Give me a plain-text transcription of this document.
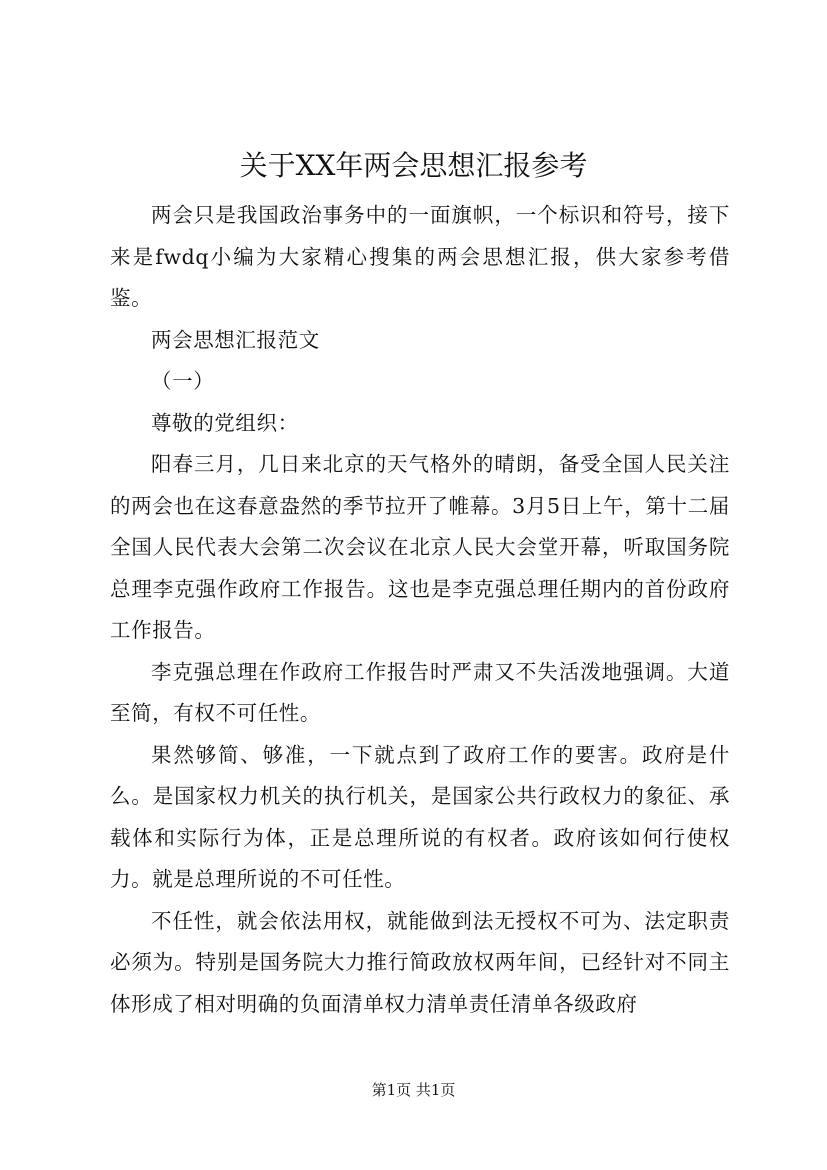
关于XX年两会思想汇报参考

两会只是我国政治事务中的一面旗帜，一个标识和符号，接下来是fwdq小编为大家精心搜集的两会思想汇报，供大家参考借鉴。

两会思想汇报范文

（一）

尊敬的党组织：

阳春三月，几日来北京的天气格外的晴朗，备受全国人民关注的两会也在这春意盎然的季节拉开了帷幕。3月5日上午，第十二届全国人民代表大会第二次会议在北京人民大会堂开幕，听取国务院总理李克强作政府工作报告。这也是李克强总理任期内的首份政府工作报告。

李克强总理在作政府工作报告时严肃又不失活泼地强调。大道至简，有权不可任性。

果然够简、够准，一下就点到了政府工作的要害。政府是什么。是国家权力机关的执行机关，是国家公共行政权力的象征、承载体和实际行为体，正是总理所说的有权者。政府该如何行使权力。就是总理所说的不可任性。

不任性，就会依法用权，就能做到法无授权不可为、法定职责必须为。特别是国务院大力推行简政放权两年间，已经针对不同主体形成了相对明确的负面清单权力清单责任清单各级政府

第1页 共1页
